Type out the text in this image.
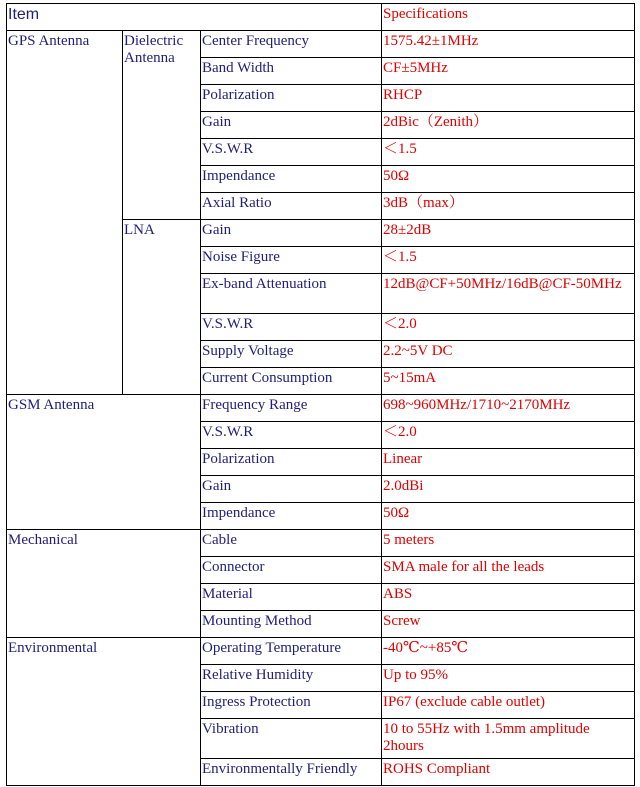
Item			Specifications
GPS Antenna	Dielectric Antenna	Center Frequency	1575.42±1MHz
		Band Width	CF±5MHz
		Polarization	RHCP
		Gain	2dBic（Zenith）
		V.S.W.R	＜1.5
		Impendance	50Ω
		Axial Ratio	3dB（max）
	LNA	Gain	28±2dB
		Noise Figure	＜1.5
		Ex-band Attenuation	12dB@CF+50MHz/16dB@CF-50MHz
		V.S.W.R	＜2.0
		Supply Voltage	2.2~5V DC
		Current Consumption	5~15mA
GSM Antenna		Frequency Range	698~960MHz/1710~2170MHz
		V.S.W.R	＜2.0
		Polarization	Linear
		Gain	2.0dBi
		Impendance	50Ω
Mechanical		Cable	5 meters
		Connector	SMA male for all the leads
		Material	ABS
		Mounting Method	Screw
Environmental		Operating Temperature	-40℃~+85℃
		Relative Humidity	Up to 95%
		Ingress Protection	IP67 (exclude cable outlet)
		Vibration	10 to 55Hz with 1.5mm amplitude 2hours
		Environmentally Friendly	ROHS Compliant
